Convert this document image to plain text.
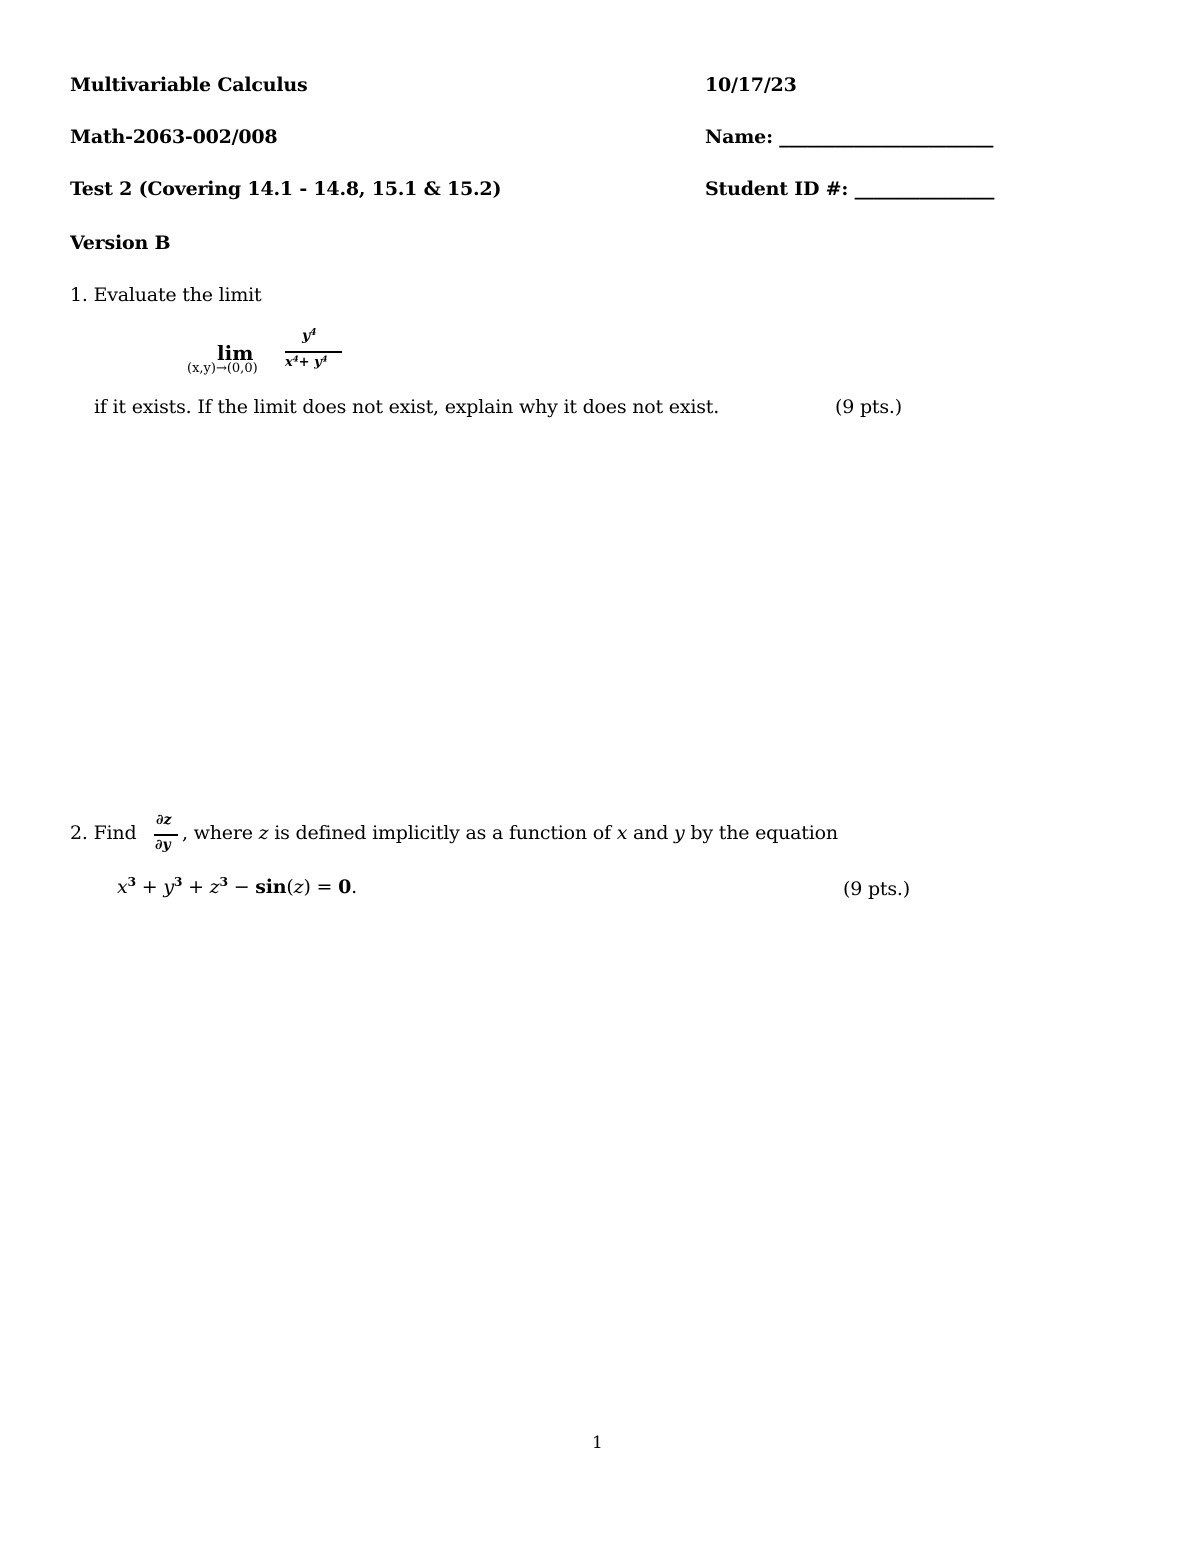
Multivariable Calculus	10/17/23
Math-2063-002/008	Name: _______________________
Test 2 (Covering 14.1 - 14.8, 15.1 & 15.2)	Student ID #: _______________
Version B
1. Evaluate the limit
lim
(x,y)→(0,0)
$y^4$
$x^4+ y^4$
if it exists. If the limit does not exist, explain why it does not exist.	(9 pts.)
2. Find
∂z
∂y
, where z is defined implicitly as a function of x and y by the equation
$x^3 + y^3 + z^3 - \sin(z) = 0$.	(9 pts.)
1
